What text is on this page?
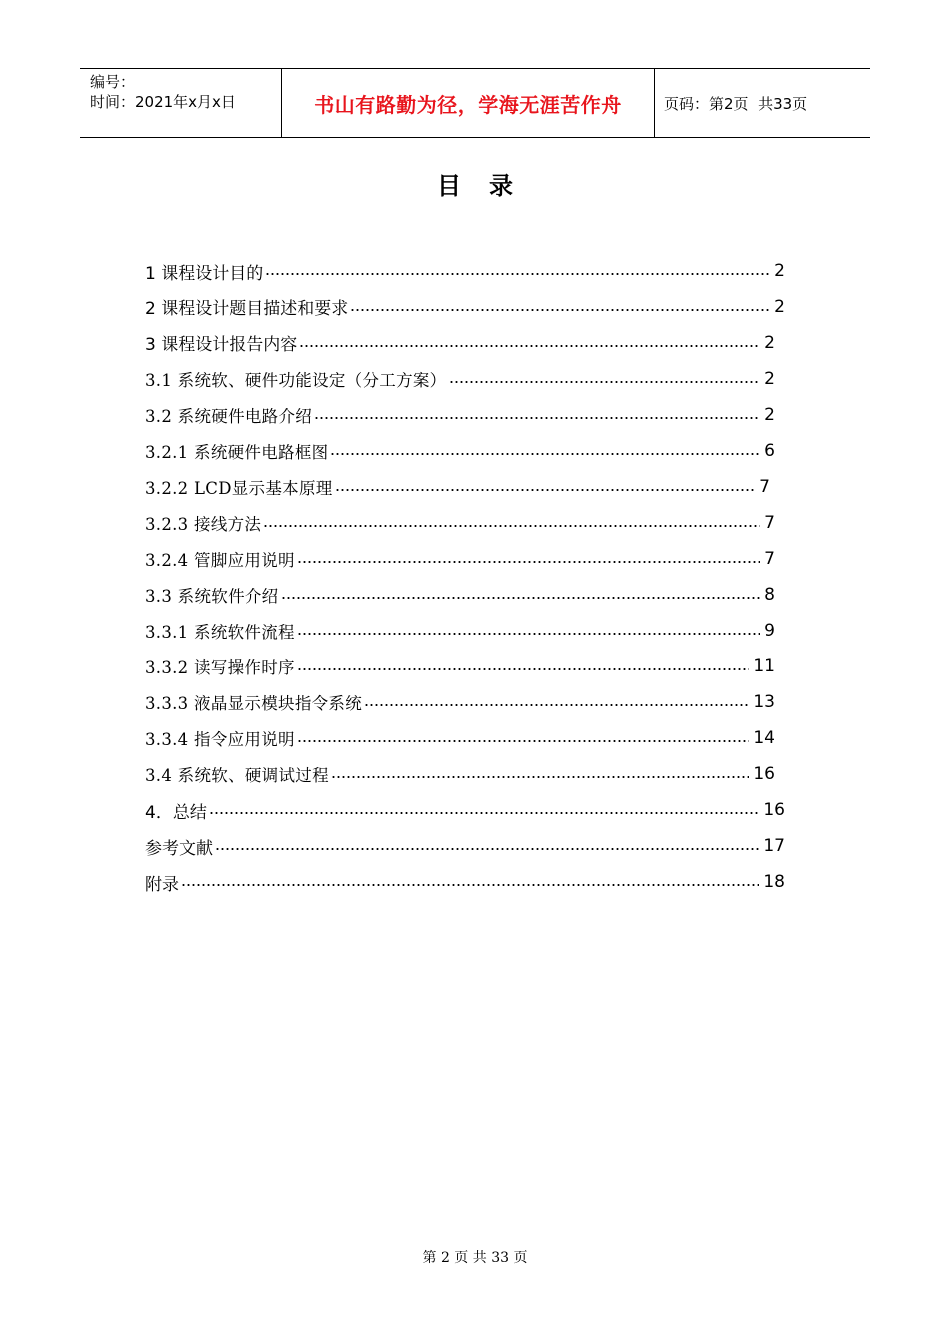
编号：
时间：2021年x月x日	书山有路勤为径，学海无涯苦作舟	页码：第2页  共33页
目录
1 课程设计目的	2
2 课程设计题目描述和要求	2
3 课程设计报告内容	2
3.1 系统软、硬件功能设定（分工方案）	2
3.2 系统硬件电路介绍	2
3.2.1 系统硬件电路框图	6
3.2.2 LCD显示基本原理	7
3.2.3 接线方法	7
3.2.4 管脚应用说明	7
3.3 系统软件介绍	8
3.3.1 系统软件流程	9
3.3.2 读写操作时序	11
3.3.3 液晶显示模块指令系统	13
3.3.4 指令应用说明	14
3.4 系统软、硬调试过程	16
4．总结	16
参考文献	17
附录	18
第 2 页 共 33 页
